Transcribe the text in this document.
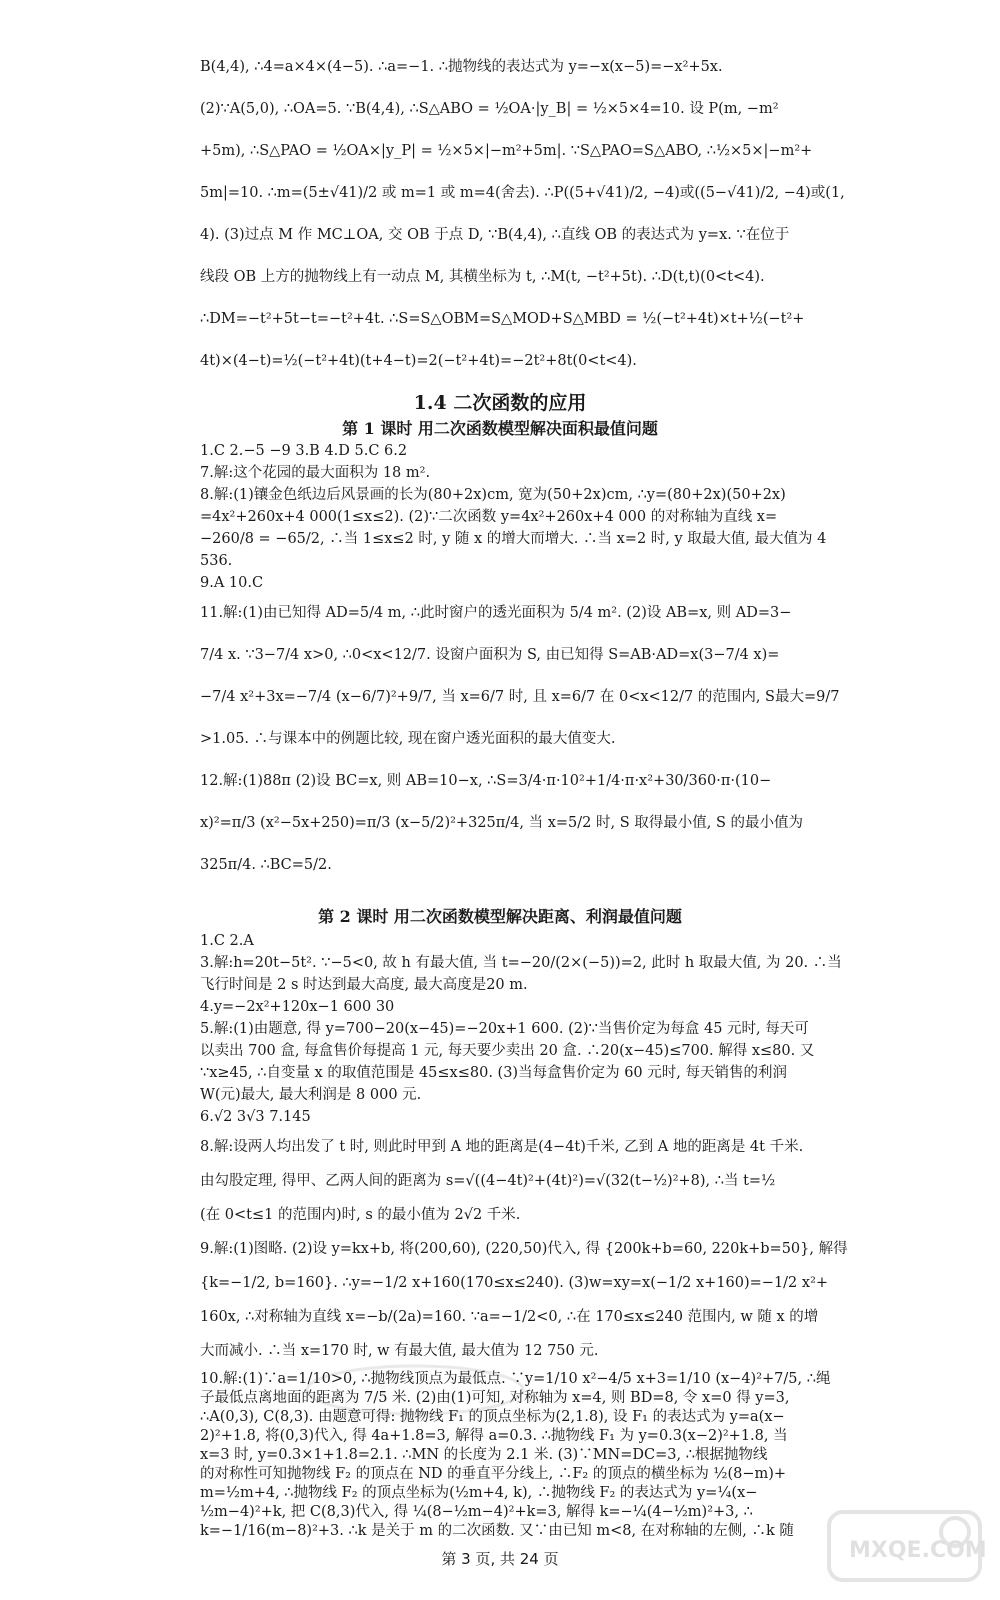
B(4,4), ∴4=a×4×(4−5). ∴a=−1. ∴抛物线的表达式为 y=−x(x−5)=−x²+5x.
(2)∵A(5,0), ∴OA=5. ∵B(4,4), ∴S△ABO = ½OA·|y_B| = ½×5×4=10. 设 P(m, −m²
+5m), ∴S△PAO = ½OA×|y_P| = ½×5×|−m²+5m|. ∵S△PAO=S△ABO, ∴½×5×|−m²+
5m|=10. ∴m=(5±√41)/2 或 m=1 或 m=4(舍去). ∴P((5+√41)/2, −4)或((5−√41)/2, −4)或(1,
4). (3)过点 M 作 MC⊥OA, 交 OB 于点 D, ∵B(4,4), ∴直线 OB 的表达式为 y=x. ∵在位于
线段 OB 上方的抛物线上有一动点 M, 其横坐标为 t, ∴M(t, −t²+5t). ∴D(t,t)(0<t<4).
∴DM=−t²+5t−t=−t²+4t. ∴S=S△OBM=S△MOD+S△MBD = ½(−t²+4t)×t+½(−t²+
4t)×(4−t)=½(−t²+4t)(t+4−t)=2(−t²+4t)=−2t²+8t(0<t<4).
1.4 二次函数的应用
第 1 课时 用二次函数模型解决面积最值问题
1.C 2.−5 −9 3.B 4.D 5.C 6.2
7.解:这个花园的最大面积为 18 m².
8.解:(1)镶金色纸边后风景画的长为(80+2x)cm, 宽为(50+2x)cm, ∴y=(80+2x)(50+2x)
=4x²+260x+4 000(1≤x≤2). (2)∵二次函数 y=4x²+260x+4 000 的对称轴为直线 x=
−260/8 = −65/2, ∴当 1≤x≤2 时, y 随 x 的增大而增大. ∴当 x=2 时, y 取最大值, 最大值为 4
536.
9.A 10.C
11.解:(1)由已知得 AD=5/4 m, ∴此时窗户的透光面积为 5/4 m². (2)设 AB=x, 则 AD=3−
7/4 x. ∵3−7/4 x>0, ∴0<x<12/7. 设窗户面积为 S, 由已知得 S=AB·AD=x(3−7/4 x)=
−7/4 x²+3x=−7/4 (x−6/7)²+9/7, 当 x=6/7 时, 且 x=6/7 在 0<x<12/7 的范围内, S最大=9/7
>1.05. ∴与课本中的例题比较, 现在窗户透光面积的最大值变大.
12.解:(1)88π (2)设 BC=x, 则 AB=10−x, ∴S=3/4·π·10²+1/4·π·x²+30/360·π·(10−
x)²=π/3 (x²−5x+250)=π/3 (x−5/2)²+325π/4, 当 x=5/2 时, S 取得最小值, S 的最小值为
325π/4. ∴BC=5/2.
第 2 课时 用二次函数模型解决距离、利润最值问题
1.C 2.A
3.解:h=20t−5t². ∵−5<0, 故 h 有最大值, 当 t=−20/(2×(−5))=2, 此时 h 取最大值, 为 20. ∴当
飞行时间是 2 s 时达到最大高度, 最大高度是20 m.
4.y=−2x²+120x−1 600 30
5.解:(1)由题意, 得 y=700−20(x−45)=−20x+1 600. (2)∵当售价定为每盒 45 元时, 每天可
以卖出 700 盒, 每盒售价每提高 1 元, 每天要少卖出 20 盒. ∴20(x−45)≤700. 解得 x≤80. 又
∵x≥45, ∴自变量 x 的取值范围是 45≤x≤80. (3)当每盒售价定为 60 元时, 每天销售的利润
W(元)最大, 最大利润是 8 000 元.
6.√2 3√3 7.145
8.解:设两人均出发了 t 时, 则此时甲到 A 地的距离是(4−4t)千米, 乙到 A 地的距离是 4t 千米.
由勾股定理, 得甲、乙两人间的距离为 s=√((4−4t)²+(4t)²)=√(32(t−½)²+8), ∴当 t=½
(在 0<t≤1 的范围内)时, s 的最小值为 2√2 千米.
9.解:(1)图略. (2)设 y=kx+b, 将(200,60), (220,50)代入, 得 {200k+b=60, 220k+b=50}, 解得
{k=−1/2, b=160}. ∴y=−1/2 x+160(170≤x≤240). (3)w=xy=x(−1/2 x+160)=−1/2 x²+
160x, ∴对称轴为直线 x=−b/(2a)=160. ∵a=−1/2<0, ∴在 170≤x≤240 范围内, w 随 x 的增
大而减小. ∴当 x=170 时, w 有最大值, 最大值为 12 750 元.
10.解:(1)∵a=1/10>0, ∴抛物线顶点为最低点. ∵y=1/10 x²−4/5 x+3=1/10 (x−4)²+7/5, ∴绳
子最低点离地面的距离为 7/5 米. (2)由(1)可知, 对称轴为 x=4, 则 BD=8, 令 x=0 得 y=3,
∴A(0,3), C(8,3). 由题意可得: 抛物线 F₁ 的顶点坐标为(2,1.8), 设 F₁ 的表达式为 y=a(x−
2)²+1.8, 将(0,3)代入, 得 4a+1.8=3, 解得 a=0.3. ∴抛物线 F₁ 为 y=0.3(x−2)²+1.8, 当
x=3 时, y=0.3×1+1.8=2.1. ∴MN 的长度为 2.1 米. (3)∵MN=DC=3, ∴根据抛物线
的对称性可知抛物线 F₂ 的顶点在 ND 的垂直平分线上, ∴F₂ 的顶点的横坐标为 ½(8−m)+
m=½m+4, ∴抛物线 F₂ 的顶点坐标为(½m+4, k), ∴抛物线 F₂ 的表达式为 y=¼(x−
½m−4)²+k, 把 C(8,3)代入, 得 ¼(8−½m−4)²+k=3, 解得 k=−¼(4−½m)²+3, ∴
k=−1/16(m−8)²+3. ∴k 是关于 m 的二次函数. 又∵由已知 m<8, 在对称轴的左侧, ∴k 随
第 3 页, 共 24 页	MXQE.COM
